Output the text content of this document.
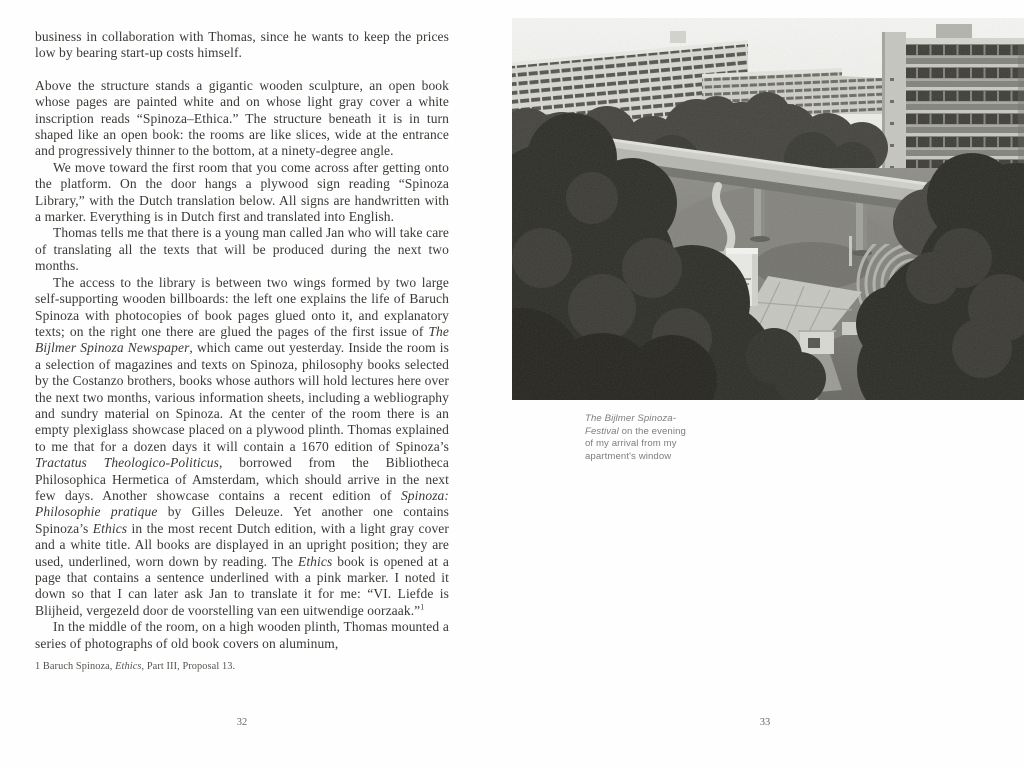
business in collaboration with Thomas, since he wants to keep the prices low by bearing start-up costs himself.

Above the structure stands a gigantic wooden sculpture, an open book whose pages are painted white and on whose light gray cover a white inscription reads “Spinoza–Ethica.” The structure beneath it is in turn shaped like an open book: the rooms are like slices, wide at the entrance and progressively thinner to the bottom, at a ninety-degree angle.

We move toward the first room that you come across after getting onto the platform. On the door hangs a plywood sign reading “Spinoza Library,” with the Dutch translation below. All signs are handwritten with a marker. Everything is in Dutch first and translated into English.

Thomas tells me that there is a young man called Jan who will take care of translating all the texts that will be produced during the next two months.

The access to the library is between two wings formed by two large self-supporting wooden billboards: the left one explains the life of Baruch Spinoza with photocopies of book pages glued onto it, and explanatory texts; on the right one there are glued the pages of the first issue of The Bijlmer Spinoza Newspaper, which came out yesterday. Inside the room is a selection of magazines and texts on Spinoza, philosophy books selected by the Costanzo brothers, books whose authors will hold lectures here over the next two months, various information sheets, including a webliography and sundry material on Spinoza. At the center of the room there is an empty plexiglass showcase placed on a plywood plinth. Thomas explained to me that for a dozen days it will contain a 1670 edition of Spinoza’s Tractatus Theologico-Politicus, borrowed from the Bibliotheca Philosophica Hermetica of Amsterdam, which should arrive in the next few days. Another showcase contains a recent edition of Spinoza: Philosophie pratique by Gilles Deleuze. Yet another one contains Spinoza’s Ethics in the most recent Dutch edition, with a light gray cover and a white title. All books are displayed in an upright position; they are used, underlined, worn down by reading. The Ethics book is opened at a page that contains a sentence underlined with a pink marker. I noted it down so that I can later ask Jan to translate it for me: “VI. Liefde is Blijheid, vergezeld door de voorstelling van een uitwendige oorzaak.”$^1$

In the middle of the room, on a high wooden plinth, Thomas mounted a series of photographs of old book covers on aluminum,

1 Baruch Spinoza, Ethics, Part III, Proposal 13.

32
The Bijlmer Spinoza-
Festival on the evening
of my arrival from my
apartment's window
33
